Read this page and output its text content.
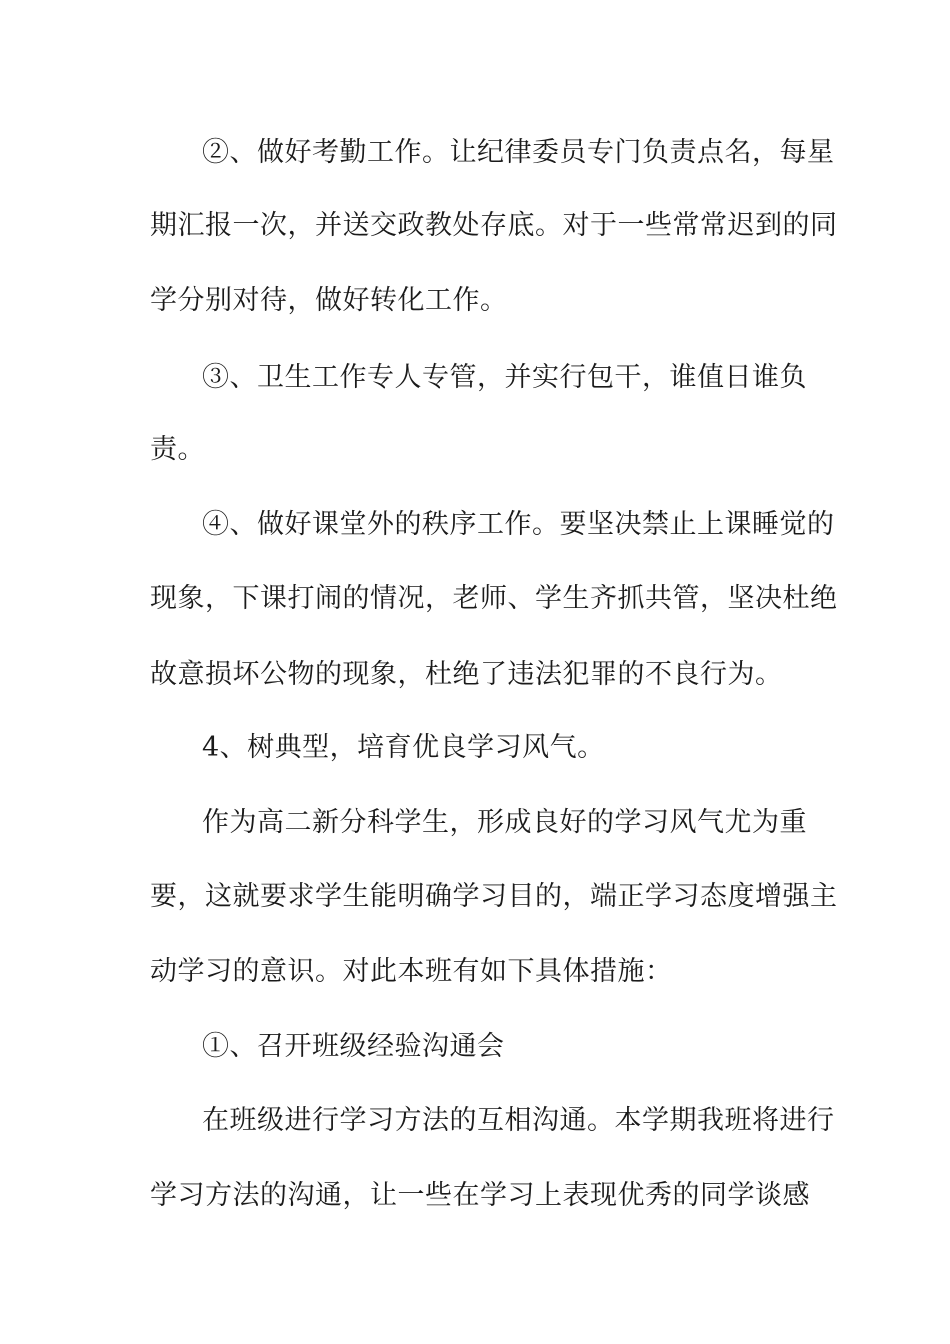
②、做好考勤工作。让纪律委员专门负责点名，每星

期汇报一次，并送交政教处存底。对于一些常常迟到的同

学分别对待，做好转化工作。

③、卫生工作专人专管，并实行包干，谁值日谁负

责。

④、做好课堂外的秩序工作。要坚决禁止上课睡觉的

现象，下课打闹的情况，老师、学生齐抓共管，坚决杜绝

故意损坏公物的现象，杜绝了违法犯罪的不良行为。

4、树典型，培育优良学习风气。

作为高二新分科学生，形成良好的学习风气尤为重

要，这就要求学生能明确学习目的，端正学习态度增强主

动学习的意识。对此本班有如下具体措施：

①、召开班级经验沟通会

在班级进行学习方法的互相沟通。本学期我班将进行

学习方法的沟通，让一些在学习上表现优秀的同学谈感
